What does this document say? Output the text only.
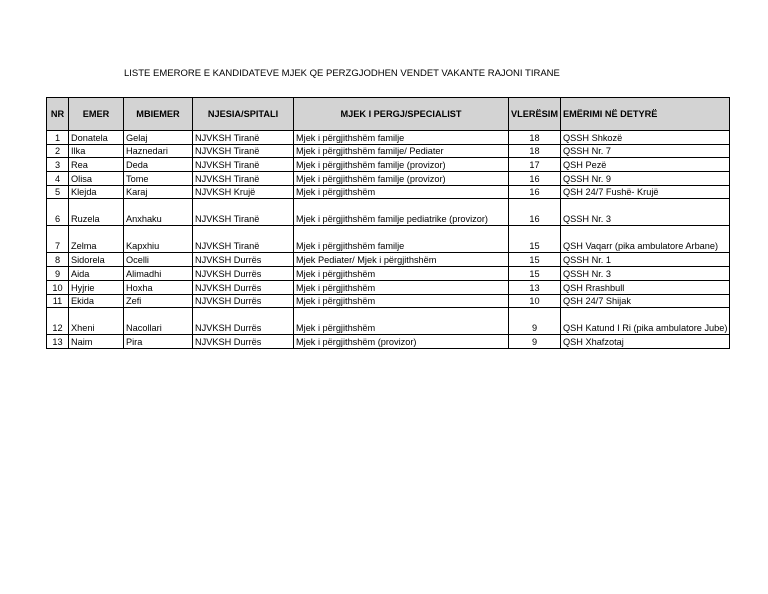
LISTE EMERORE E KANDIDATEVE MJEK QE PERZGJODHEN VENDET VAKANTE RAJONI TIRANE
NR	EMER	MBIEMER	NJESIA/SPITALI	MJEK I PERGJ/SPECIALIST	VLERËSIM	EMËRIMI NË DETYRË
1	Donatela	Gelaj	NJVKSH Tiranë	Mjek i përgjithshëm familje	18	QSSH Shkozë
2	Ilka	Haznedari	NJVKSH Tiranë	Mjek i përgjithshëm familje/ Pediater	18	QSSH Nr. 7
3	Rea	Deda	NJVKSH Tiranë	Mjek i përgjithshëm familje (provizor)	17	QSH Pezë
4	Olisa	Tome	NJVKSH Tiranë	Mjek i përgjithshëm familje (provizor)	16	QSSH Nr. 9
5	Klejda	Karaj	NJVKSH Krujë	Mjek i përgjithshëm	16	QSH 24/7 Fushë- Krujë
6	Ruzela	Anxhaku	NJVKSH Tiranë	Mjek i përgjithshëm familje pediatrike (provizor)	16	QSSH Nr. 3
7	Zelma	Kapxhiu	NJVKSH Tiranë	Mjek i përgjithshëm familje	15	QSH Vaqarr (pika ambulatore Arbane)
8	Sidorela	Ocelli	NJVKSH Durrës	Mjek Pediater/ Mjek i përgjithshëm	15	QSSH Nr. 1
9	Aida	Alimadhi	NJVKSH Durrës	Mjek i përgjithshëm	15	QSSH Nr. 3
10	Hyjrie	Hoxha	NJVKSH Durrës	Mjek i përgjithshëm	13	QSH Rrashbull
11	Ekida	Zefi	NJVKSH Durrës	Mjek i përgjithshëm	10	QSH 24/7 Shijak
12	Xheni	Nacollari	NJVKSH Durrës	Mjek i përgjithshëm	9	QSH Katund I Ri (pika ambulatore Jube)
13	Naim	Pira	NJVKSH Durrës	Mjek i përgjithshëm (provizor)	9	QSH Xhafzotaj
